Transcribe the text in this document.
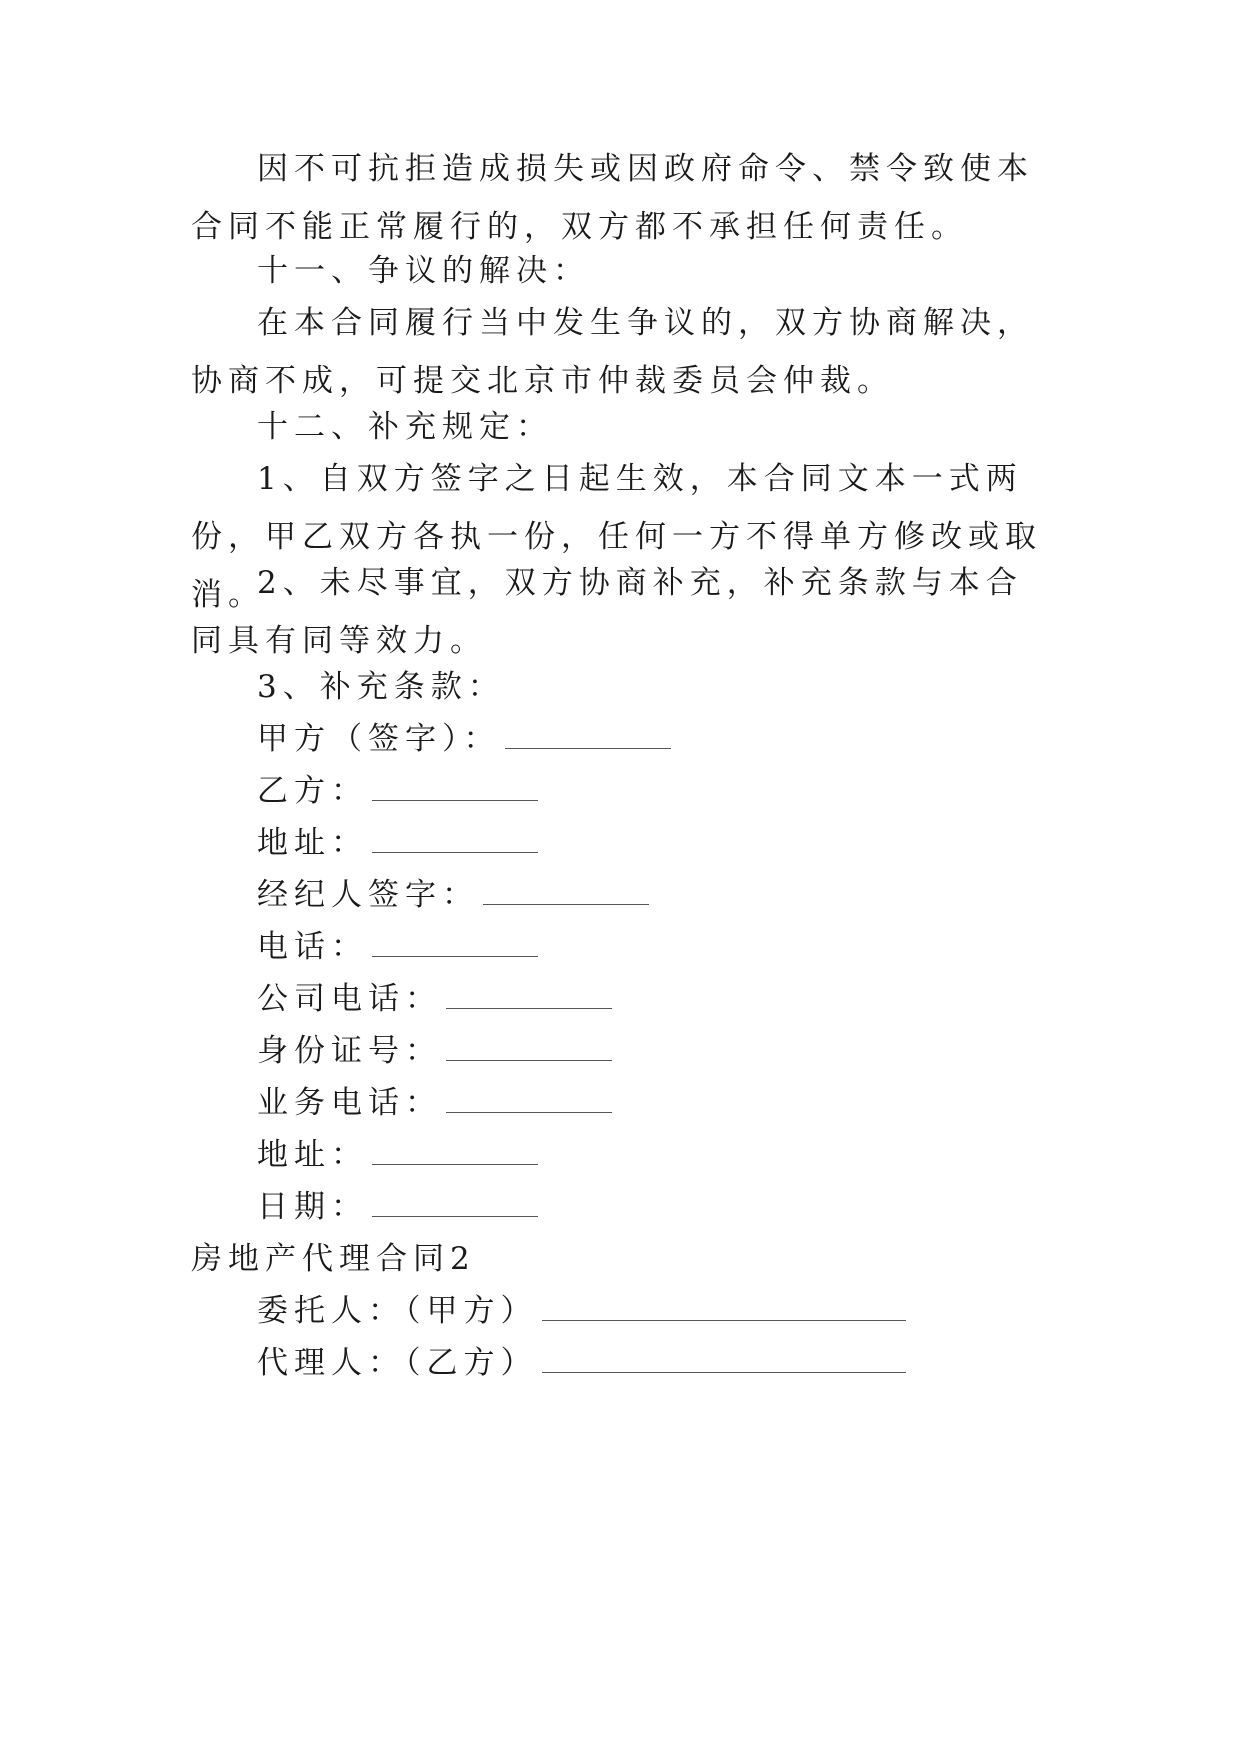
因不可抗拒造成损失或因政府命令、禁令致使本合同不能正常履行的，双方都不承担任何责任。

十一、争议的解决：

在本合同履行当中发生争议的，双方协商解决，协商不成，可提交北京市仲裁委员会仲裁。

十二、补充规定：

1、自双方签字之日起生效，本合同文本一式两份，甲乙双方各执一份，任何一方不得单方修改或取消。

2、未尽事宜，双方协商补充，补充条款与本合同具有同等效力。

3、补充条款：

甲方（签字）：
乙方：
地址：
经纪人签字：
电话：
公司电话：
身份证号：
业务电话：
地址：
日期：

房地产代理合同2

委托人：（甲方）
代理人：（乙方）
